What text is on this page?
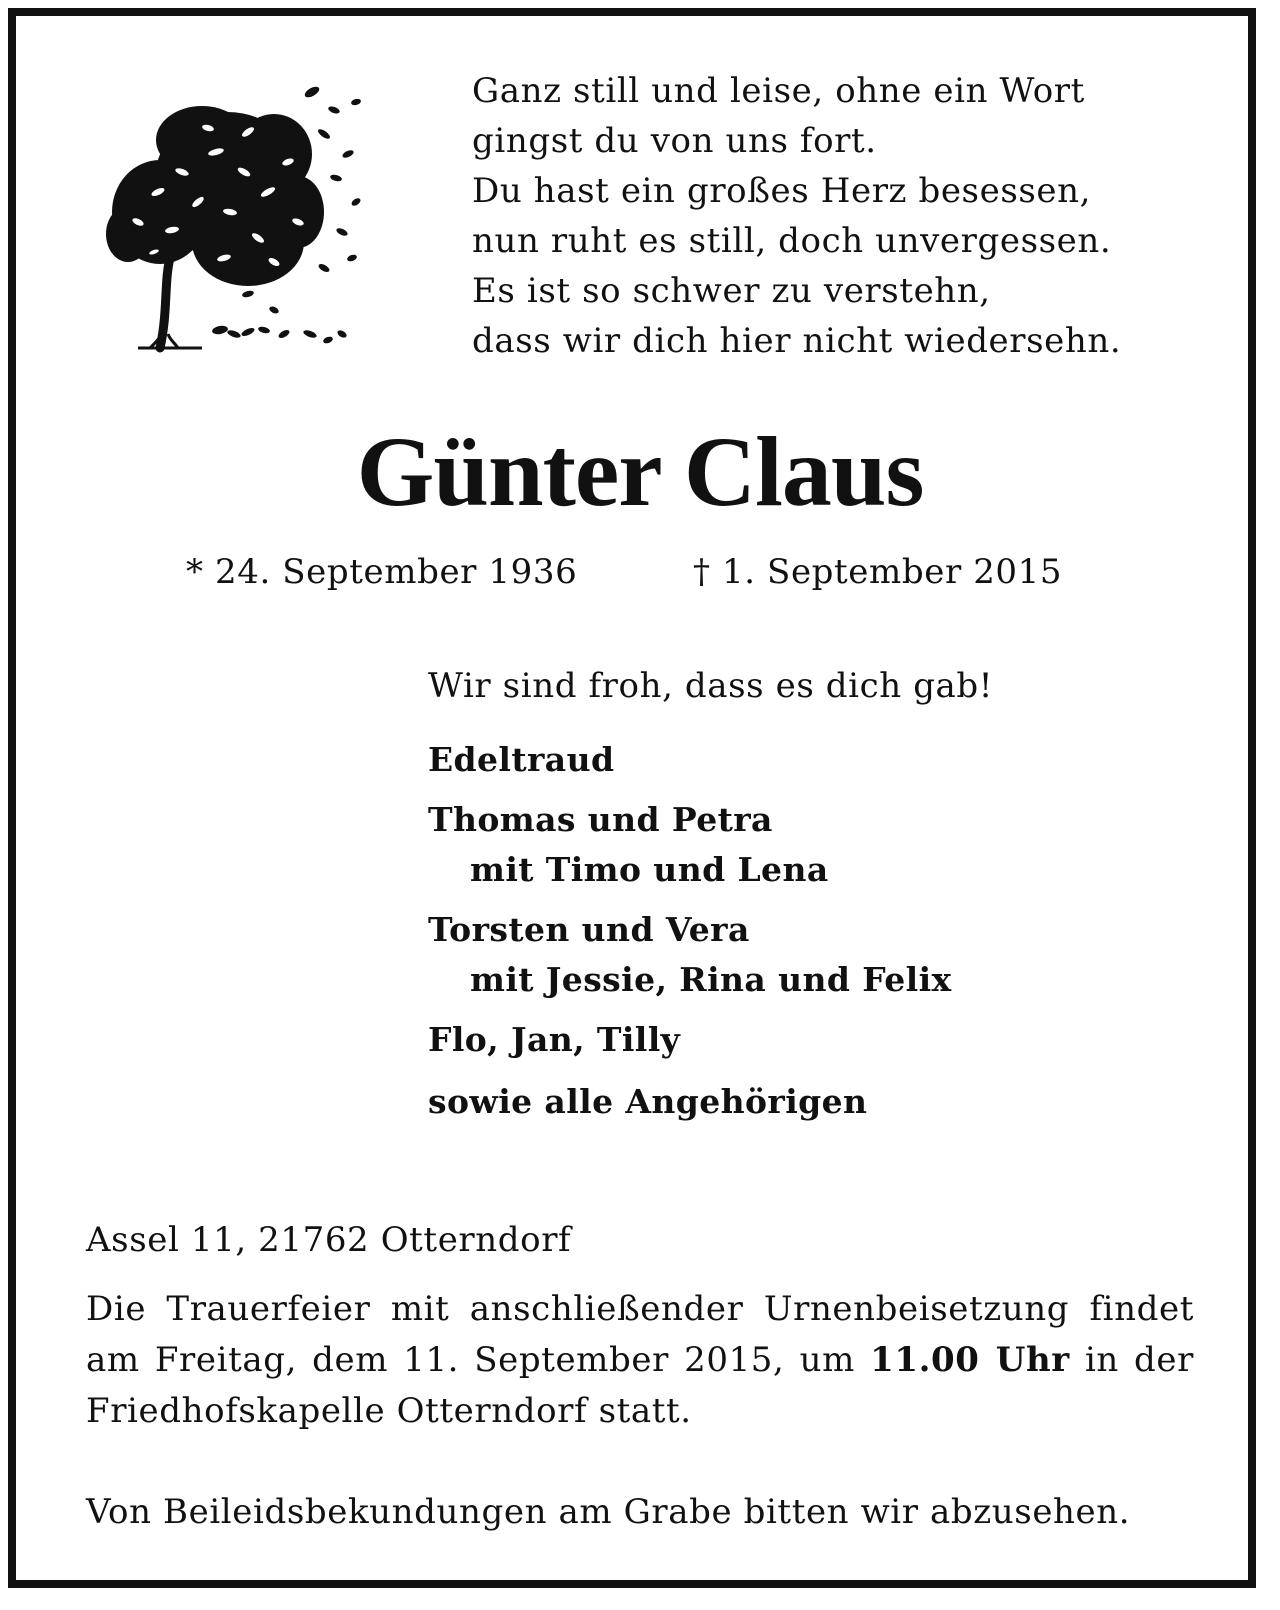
Ganz still und leise, ohne ein Wort
gingst du von uns fort.
Du hast ein großes Herz besessen,
nun ruht es still, doch unvergessen.
Es ist so schwer zu verstehn,
dass wir dich hier nicht wiedersehn.
Günter Claus
* 24. September 1936	† 1. September 2015
Wir sind froh, dass es dich gab!
Edeltraud
Thomas und Petra
mit Timo und Lena
Torsten und Vera
mit Jessie, Rina und Felix
Flo, Jan, Tilly
sowie alle Angehörigen
Assel 11, 21762 Otterndorf
Die Trauerfeier mit anschließender Urnenbeisetzung findet am Freitag, dem 11. September 2015, um 11.00 Uhr in der Friedhofskapelle Otterndorf statt.
Von Beileidsbekundungen am Grabe bitten wir abzusehen.
